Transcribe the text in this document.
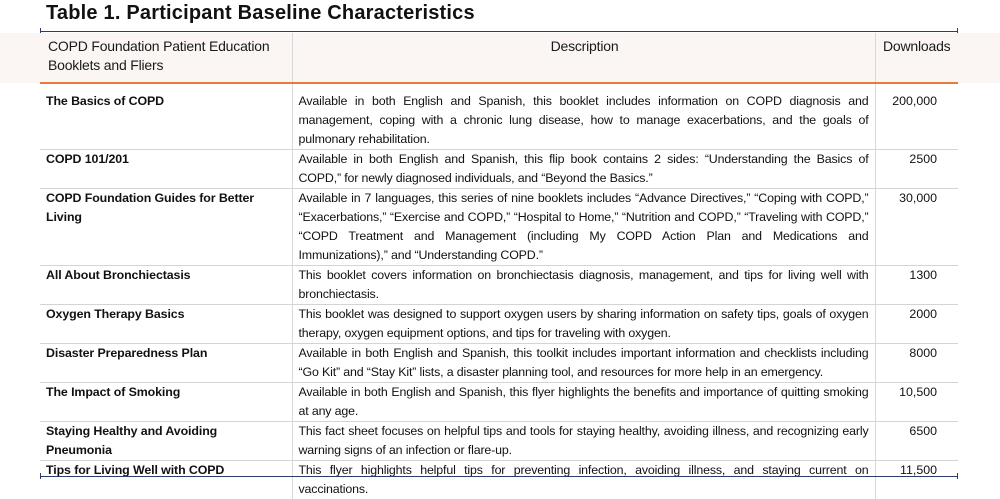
Table 1. Participant Baseline Characteristics
COPD Foundation Patient Education Booklets and Fliers	Description	Downloads
The Basics of COPD	Available in both English and Spanish, this booklet includes information on COPD diagnosis and management, coping with a chronic lung disease, how to manage exacerbations, and the goals of pulmonary rehabilitation.	200,000
COPD 101/201	Available in both English and Spanish, this flip book contains 2 sides: “Understanding the Basics of COPD,” for newly diagnosed individuals, and “Beyond the Basics.”	2500
COPD Foundation Guides for Better Living	Available in 7 languages, this series of nine booklets includes “Advance Directives,” “Coping with COPD,” “Exacerbations,” “Exercise and COPD,” “Hospital to Home,” “Nutrition and COPD,” “Traveling with COPD,” “COPD Treatment and Management (including My COPD Action Plan and Medications and Immunizations),” and “Understanding COPD.”	30,000
All About Bronchiectasis	This booklet covers information on bronchiectasis diagnosis, management, and tips for living well with bronchiectasis.	1300
Oxygen Therapy Basics	This booklet was designed to support oxygen users by sharing information on safety tips, goals of oxygen therapy, oxygen equipment options, and tips for traveling with oxygen.	2000
Disaster Preparedness Plan	Available in both English and Spanish, this toolkit includes important information and checklists including “Go Kit” and “Stay Kit” lists, a disaster planning tool, and resources for more help in an emergency.	8000
The Impact of Smoking	Available in both English and Spanish, this flyer highlights the benefits and importance of quitting smoking at any age.	10,500
Staying Healthy and Avoiding Pneumonia	This fact sheet focuses on helpful tips and tools for staying healthy, avoiding illness, and recognizing early warning signs of an infection or flare-up.	6500
Tips for Living Well with COPD	This flyer highlights helpful tips for preventing infection, avoiding illness, and staying current on vaccinations.	11,500
